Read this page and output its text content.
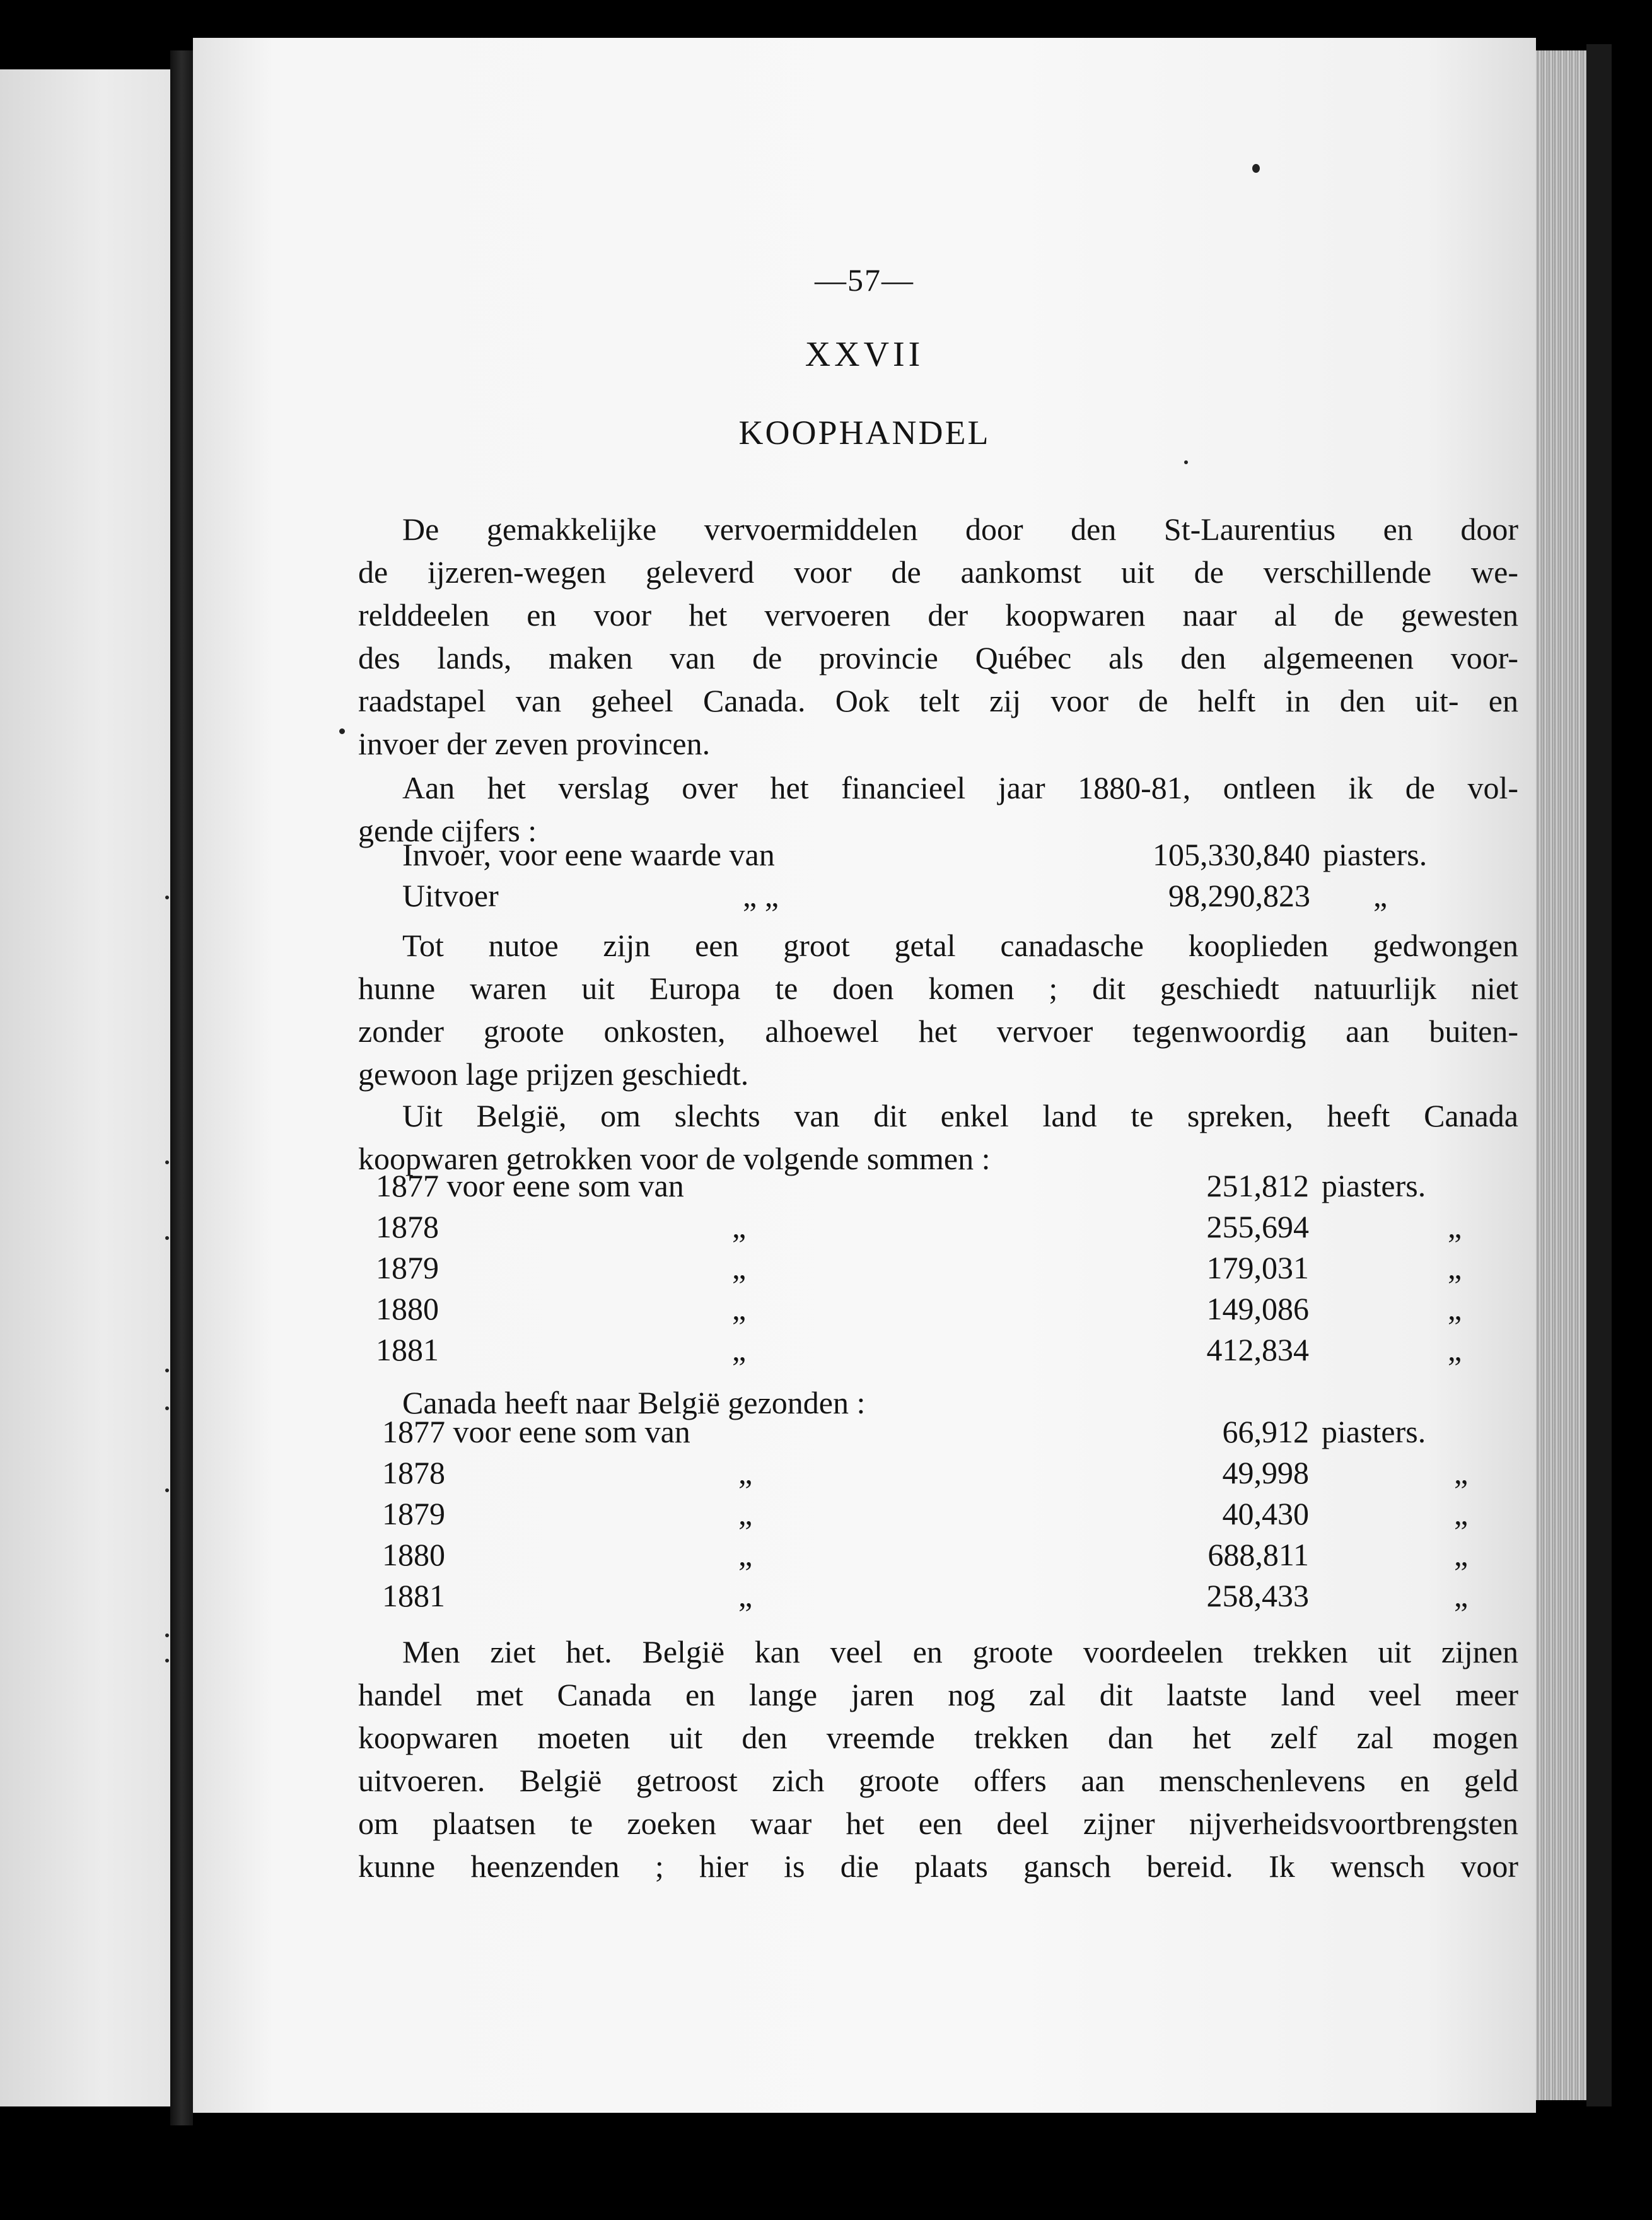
—57—
XXVII
KOOPHANDEL
De gemakkelijke vervoermiddelen door den St-Laurentius en door
de ijzeren-wegen geleverd voor de aankomst uit de verschillende we-
relddeelen en voor het vervoeren der koopwaren naar al de gewesten
des lands, maken van de provincie Québec als den algemeenen voor-
raadstapel van geheel Canada. Ook telt zij voor de helft in den uit- en
invoer der zeven provincen.
Aan het verslag over het financieel jaar 1880-81, ontleen ik de vol-
gende cijfers :
Invoer, voor eene waarde van	105,330,840 piasters.
Uitvoer	„ „	98,290,823 „
Tot nutoe zijn een groot getal canadasche kooplieden gedwongen
hunne waren uit Europa te doen komen ; dit geschiedt natuurlijk niet
zonder groote onkosten, alhoewel het vervoer tegenwoordig aan buiten-
gewoon lage prijzen geschiedt.
Uit België, om slechts van dit enkel land te spreken, heeft Canada
koopwaren getrokken voor de volgende sommen :
1877 voor eene som van	251,812 piasters.
1878	„	255,694	„
1879	„	179,031	„
1880	„	149,086	„
1881	„	412,834	„
Canada heeft naar België gezonden :
1877 voor eene som van	66,912 piasters.
1878	„	49,998	„
1879	„	40,430	„
1880	„	688,811	„
1881	„	258,433	„
Men ziet het. België kan veel en groote voordeelen trekken uit zijnen
handel met Canada en lange jaren nog zal dit laatste land veel meer
koopwaren moeten uit den vreemde trekken dan het zelf zal mogen
uitvoeren. België getroost zich groote offers aan menschenlevens en geld
om plaatsen te zoeken waar het een deel zijner nijverheidsvoortbrengsten
kunne heenzenden ; hier is die plaats gansch bereid. Ik wensch voor
